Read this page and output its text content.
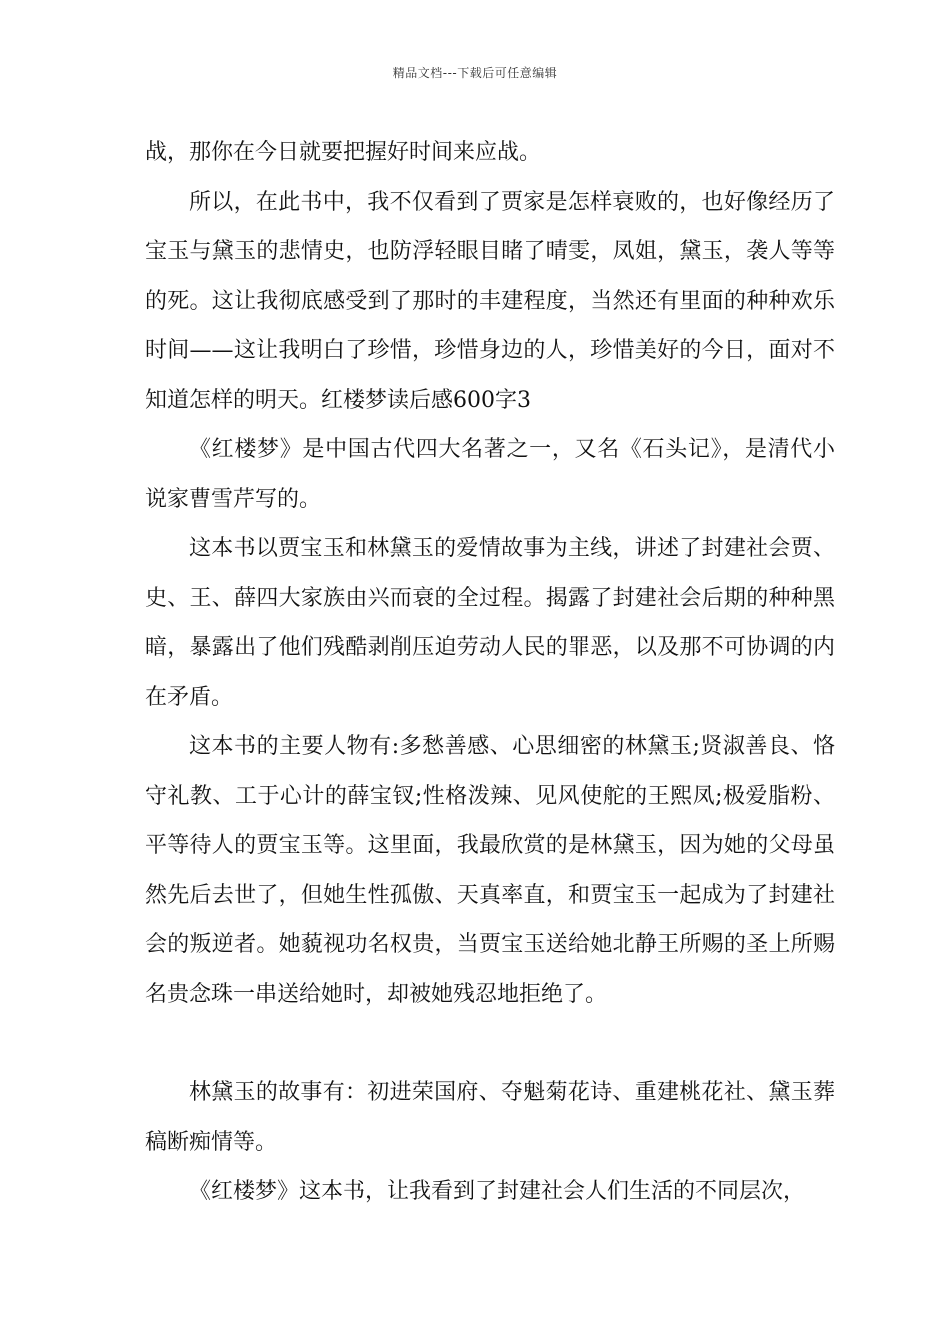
精品文档---下载后可任意编辑

战，那你在今日就要把握好时间来应战。

所以，在此书中，我不仅看到了贾家是怎样衰败的，也好像经历了宝玉与黛玉的悲情史，也防浮轻眼目睹了晴雯，凤姐，黛玉，袭人等等的死。这让我彻底感受到了那时的丰建程度，当然还有里面的种种欢乐时间——这让我明白了珍惜，珍惜身边的人，珍惜美好的今日，面对不知道怎样的明天。红楼梦读后感600字3

《红楼梦》是中国古代四大名著之一，又名《石头记》，是清代小说家曹雪芹写的。

这本书以贾宝玉和林黛玉的爱情故事为主线，讲述了封建社会贾、史、王、薛四大家族由兴而衰的全过程。揭露了封建社会后期的种种黑暗，暴露出了他们残酷剥削压迫劳动人民的罪恶，以及那不可协调的内在矛盾。

这本书的主要人物有:多愁善感、心思细密的林黛玉;贤淑善良、恪守礼教、工于心计的薛宝钗;性格泼辣、见风使舵的王熙凤;极爱脂粉、平等待人的贾宝玉等。这里面，我最欣赏的是林黛玉，因为她的父母虽然先后去世了，但她生性孤傲、天真率直，和贾宝玉一起成为了封建社会的叛逆者。她藐视功名权贵，当贾宝玉送给她北静王所赐的圣上所赐名贵念珠一串送给她时，却被她残忍地拒绝了。

林黛玉的故事有：初进荣国府、夺魁菊花诗、重建桃花社、黛玉葬稿断痴情等。

《红楼梦》这本书，让我看到了封建社会人们生活的不同层次，
